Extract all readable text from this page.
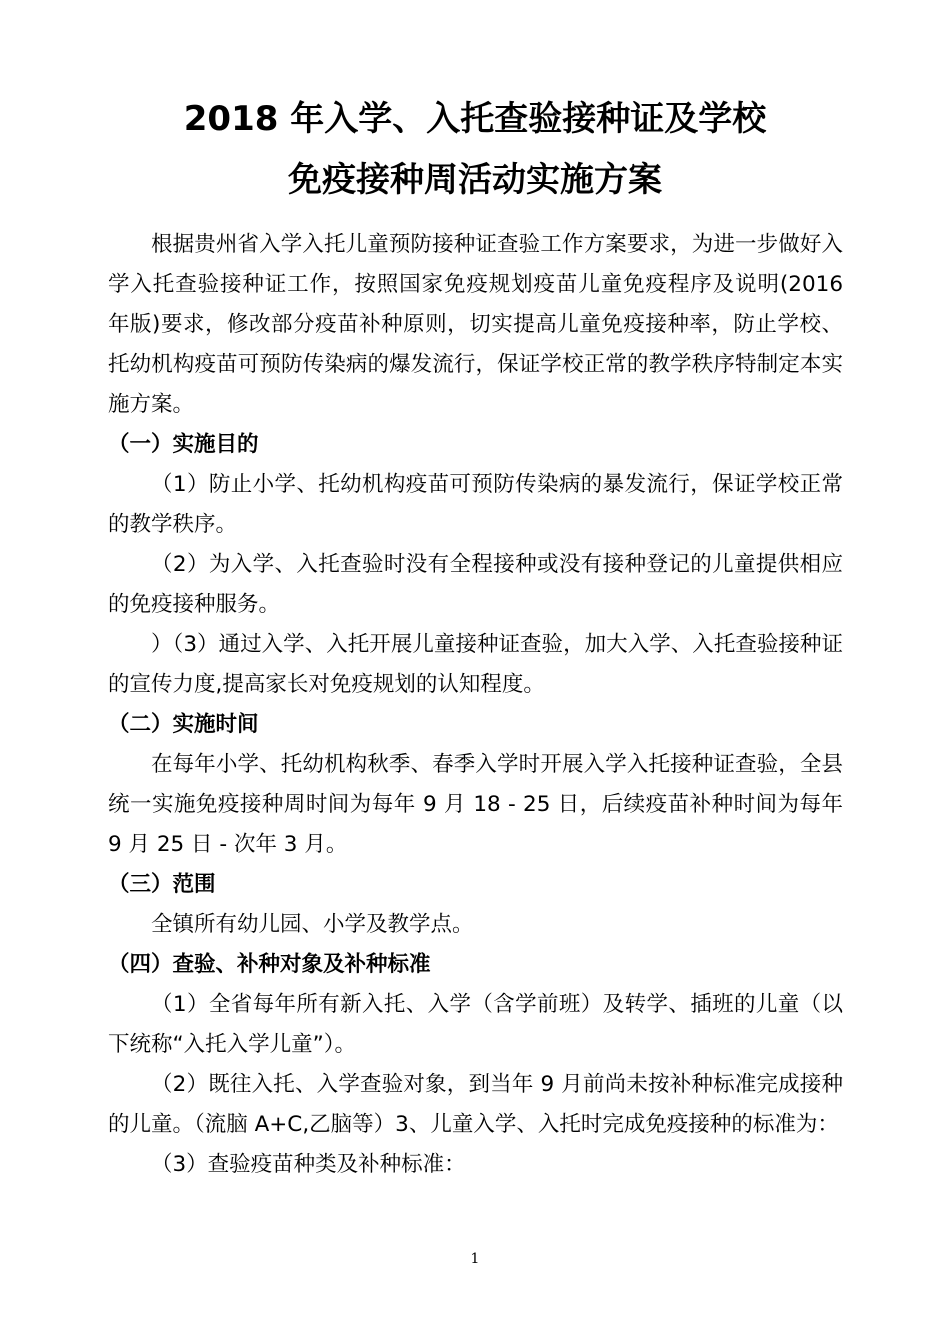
2018 年入学、入托查验接种证及学校
免疫接种周活动实施方案

根据贵州省入学入托儿童预防接种证查验工作方案要求，为进一步做好入学入托查验接种证工作，按照国家免疫规划疫苗儿童免疫程序及说明(2016 年版)要求，修改部分疫苗补种原则，切实提高儿童免疫接种率，防止学校、托幼机构疫苗可预防传染病的爆发流行，保证学校正常的教学秩序特制定本实施方案。

（一）实施目的

（1）防止小学、托幼机构疫苗可预防传染病的暴发流行，保证学校正常的教学秩序。

（2）为入学、入托查验时没有全程接种或没有接种登记的儿童提供相应的免疫接种服务。

）（3）通过入学、入托开展儿童接种证查验，加大入学、入托查验接种证的宣传力度,提高家长对免疫规划的认知程度。

（二）实施时间

在每年小学、托幼机构秋季、春季入学时开展入学入托接种证查验，全县统一实施免疫接种周时间为每年 9 月 18 - 25 日，后续疫苗补种时间为每年 9 月 25 日 - 次年 3 月。

（三）范围

全镇所有幼儿园、小学及教学点。

（四）查验、补种对象及补种标准

（1）全省每年所有新入托、入学（含学前班）及转学、插班的儿童（以下统称“入托入学儿童”）。

（2）既往入托、入学查验对象，到当年 9 月前尚未按补种标准完成接种的儿童。（流脑 A+C,乙脑等）3、儿童入学、入托时完成免疫接种的标准为：

（3）查验疫苗种类及补种标准：

1
